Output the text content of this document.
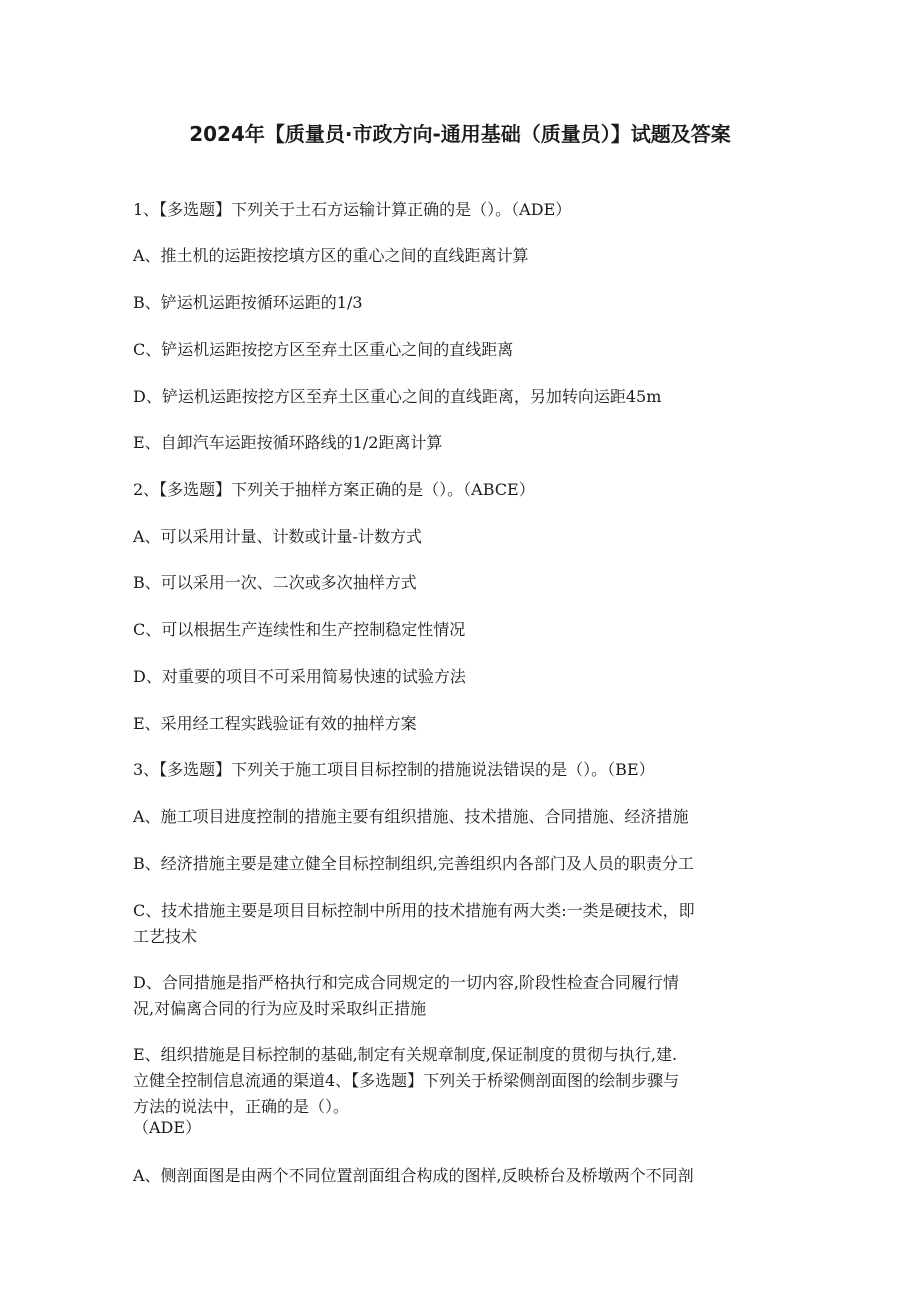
2024年【质量员·市政方向-通用基础（质量员）】试题及答案

1、【多选题】下列关于土石方运输计算正确的是（）。（ADE）

A、推土机的运距按挖填方区的重心之间的直线距离计算

B、铲运机运距按循环运距的1/3

C、铲运机运距按挖方区至弃土区重心之间的直线距离

D、铲运机运距按挖方区至弃土区重心之间的直线距离，另加转向运距45m

E、自卸汽车运距按循环路线的1/2距离计算

2、【多选题】下列关于抽样方案正确的是（）。（ABCE）

A、可以采用计量、计数或计量-计数方式

B、可以采用一次、二次或多次抽样方式

C、可以根据生产连续性和生产控制稳定性情况

D、对重要的项目不可采用简易快速的试验方法

E、采用经工程实践验证有效的抽样方案

3、【多选题】下列关于施工项目目标控制的措施说法错误的是（）。（BE）

A、施工项目进度控制的措施主要有组织措施、技术措施、合同措施、经济措施

B、经济措施主要是建立健全目标控制组织,完善组织内各部门及人员的职责分工

C、技术措施主要是项目目标控制中所用的技术措施有两大类:一类是硬技术，即

工艺技术

D、合同措施是指严格执行和完成合同规定的一切内容,阶段性检查合同履行情

况,对偏离合同的行为应及时采取纠正措施

E、组织措施是目标控制的基础,制定有关规章制度,保证制度的贯彻与执行,建.

立健全控制信息流通的渠道4、【多选题】下列关于桥梁侧剖面图的绘制步骤与

方法的说法中，正确的是（）。

（ADE）

A、侧剖面图是由两个不同位置剖面组合构成的图样,反映桥台及桥墩两个不同剖
